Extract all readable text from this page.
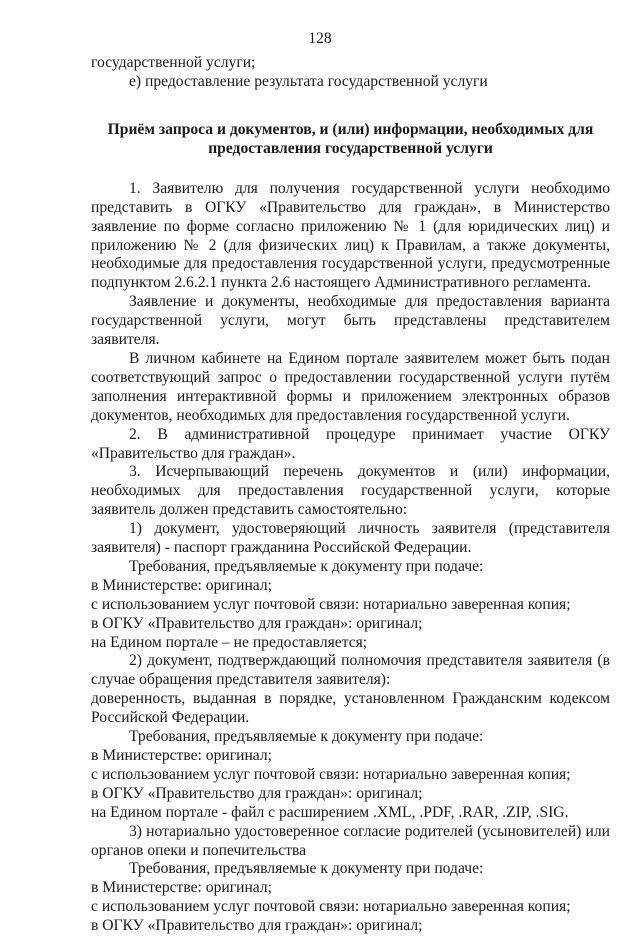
128

государственной услуги;

е) предоставление результата государственной услуги

Приём запроса и документов, и (или) информации, необходимых для предоставления государственной услуги

1. Заявителю для получения государственной услуги необходимо представить в ОГКУ «Правительство для граждан», в Министерство заявление по форме согласно приложению № 1 (для юридических лиц) и приложению № 2 (для физических лиц) к Правилам, а также документы, необходимые для предоставления государственной услуги, предусмотренные подпунктом 2.6.2.1 пункта 2.6 настоящего Административного регламента.

Заявление и документы, необходимые для предоставления варианта государственной услуги, могут быть представлены представителем заявителя.

В личном кабинете на Едином портале заявителем может быть подан соответствующий запрос о предоставлении государственной услуги путём заполнения интерактивной формы и приложением электронных образов документов, необходимых для предоставления государственной услуги.

2. В административной процедуре принимает участие ОГКУ «Правительство для граждан».

3. Исчерпывающий перечень документов и (или) информации, необходимых для предоставления государственной услуги, которые заявитель должен представить самостоятельно:

1) документ, удостоверяющий личность заявителя (представителя заявителя) - паспорт гражданина Российской Федерации.

Требования, предъявляемые к документу при подаче:

в Министерстве: оригинал;

с использованием услуг почтовой связи: нотариально заверенная копия;

в ОГКУ «Правительство для граждан»: оригинал;

на Едином портале – не предоставляется;

2) документ, подтверждающий полномочия представителя заявителя (в случае обращения представителя заявителя):

доверенность, выданная в порядке, установленном Гражданским кодексом Российской Федерации.

Требования, предъявляемые к документу при подаче:

в Министерстве: оригинал;

с использованием услуг почтовой связи: нотариально заверенная копия;

в ОГКУ «Правительство для граждан»: оригинал;

на Едином портале - файл с расширением .XML, .PDF, .RAR, .ZIP, .SIG.

3) нотариально удостоверенное согласие родителей (усыновителей) или органов опеки и попечительства

Требования, предъявляемые к документу при подаче:

в Министерстве: оригинал;

с использованием услуг почтовой связи: нотариально заверенная копия;

в ОГКУ «Правительство для граждан»: оригинал;
